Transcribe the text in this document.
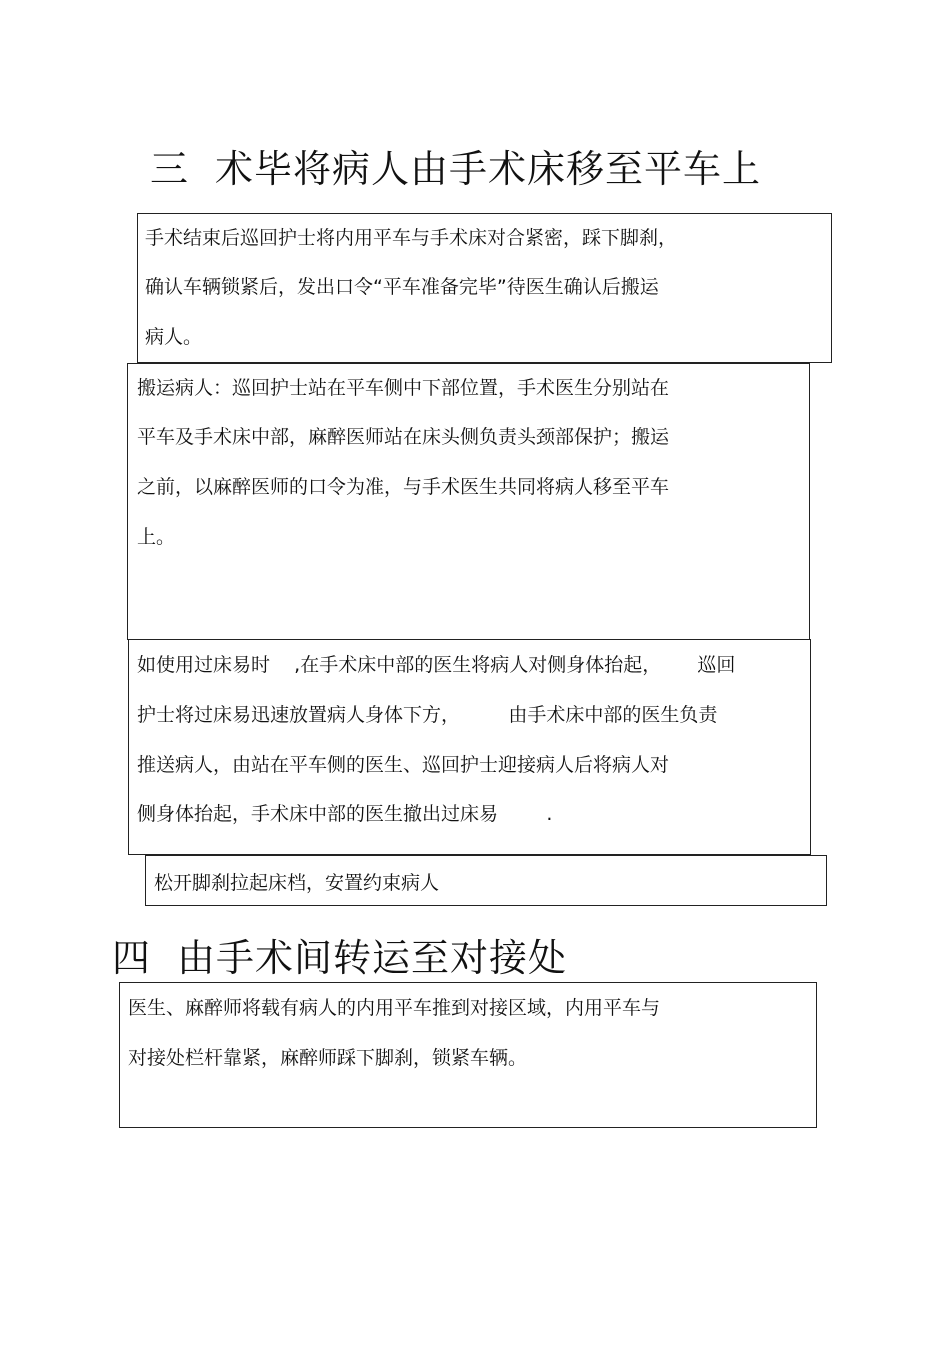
三 术毕将病人由手术床移至平车上
手术结束后巡回护士将内用平车与手术床对合紧密，踩下脚刹，
确认车辆锁紧后，发出口令“平车准备完毕”待医生确认后搬运
病人。
搬运病人：巡回护士站在平车侧中下部位置，手术医生分别站在
平车及手术床中部，麻醉医师站在床头侧负责头颈部保护；搬运
之前，以麻醉医师的口令为准，与手术医生共同将病人移至平车
上。
如使用过床易时    ,在手术床中部的医生将病人对侧身体抬起，      巡回
护士将过床易迅速放置病人身体下方，        由手术床中部的医生负责
推送病人，由站在平车侧的医生、巡回护士迎接病人后将病人对
侧身体抬起，手术床中部的医生撤出过床易        .
松开脚刹拉起床档，安置约束病人
四 由手术间转运至对接处
医生、麻醉师将载有病人的内用平车推到对接区域，内用平车与
对接处栏杆靠紧，麻醉师踩下脚刹，锁紧车辆。
